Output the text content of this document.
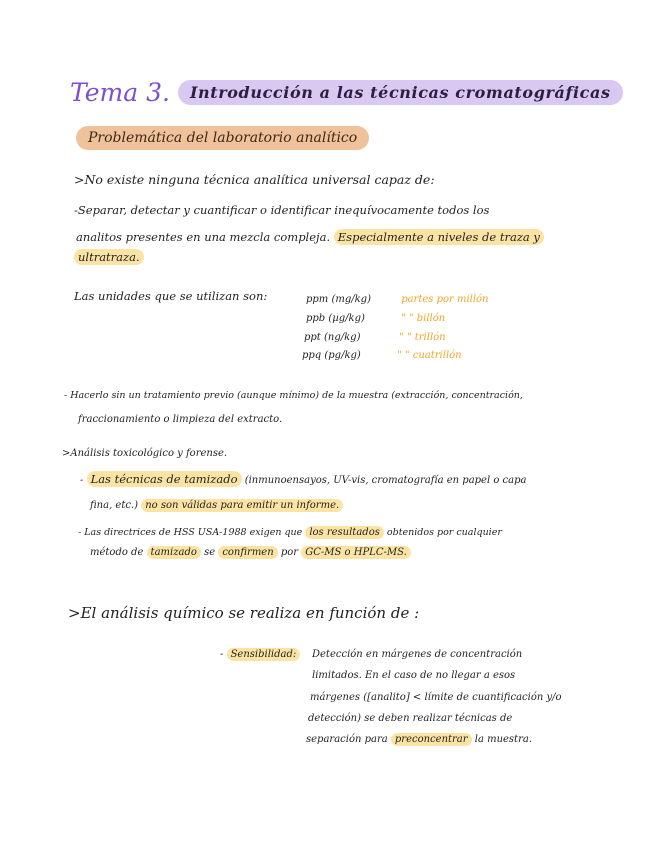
Tema 3.	Introducción a las técnicas cromatográficas
Problemática del laboratorio analítico
>No existe ninguna técnica analítica universal capaz de:
-Separar, detectar y cuantificar o identificar inequívocamente todos los
analitos presentes en una mezcla compleja. Especialmente a niveles de traza y
ultratraza.
Las unidades que se utilizan son:	ppm (mg/kg)	partes por millón
ppb (µg/kg)	" " billón
ppt (ng/kg)	" " trillón
ppq (pg/kg)	" " cuatrillón
- Hacerlo sin un tratamiento previo (aunque mínimo) de la muestra (extracción, concentración,
fraccionamiento o limpieza del extracto.
>Análisis toxicológico y forense.
- Las técnicas de tamizado (inmunoensayos, UV-vis, cromatografía en papel o capa
fina, etc.) no son válidas para emitir un informe.
- Las directrices de HSS USA-1988 exigen que los resultados obtenidos por cualquier
método de tamizado se confirmen por GC-MS o HPLC-MS.
>El análisis químico se realiza en función de :
- Sensibilidad:	Detección en márgenes de concentración
limitados. En el caso de no llegar a esos
márgenes ([analito] < límite de cuantificación y/o
detección) se deben realizar técnicas de
separación para preconcentrar la muestra.
